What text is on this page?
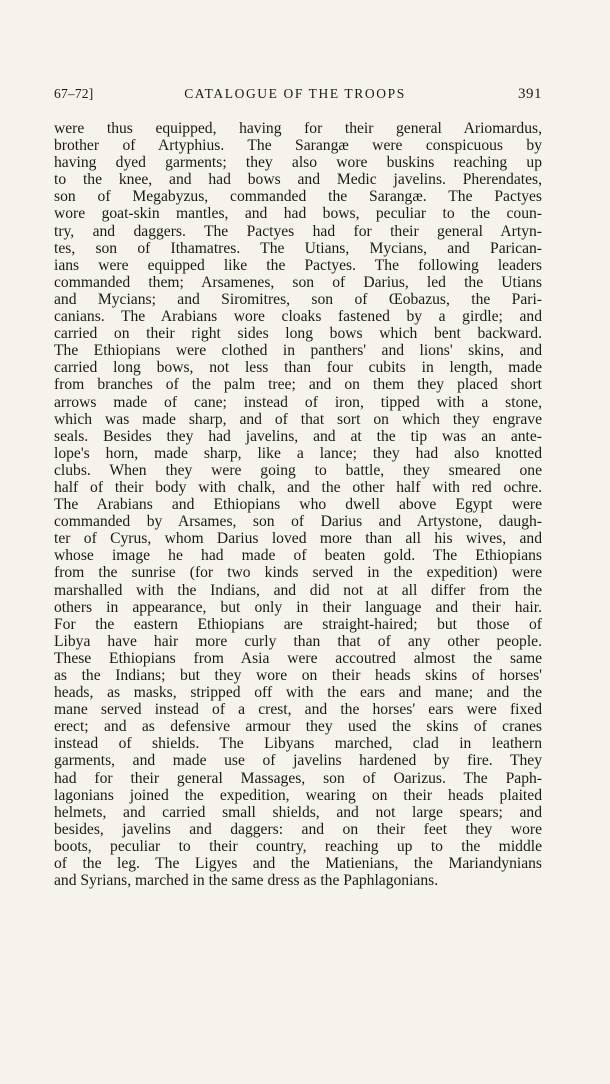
67–72]	CATALOGUE OF THE TROOPS	391
were thus equipped, having for their general Ariomardus,
brother of Artyphius. The Sarangæ were conspicuous by
having dyed garments; they also wore buskins reaching up
to the knee, and had bows and Medic javelins. Pherendates,
son of Megabyzus, commanded the Sarangæ. The Pactyes
wore goat-skin mantles, and had bows, peculiar to the coun-
try, and daggers. The Pactyes had for their general Artyn-
tes, son of Ithamatres. The Utians, Mycians, and Parican-
ians were equipped like the Pactyes. The following leaders
commanded them; Arsamenes, son of Darius, led the Utians
and Mycians; and Siromitres, son of Œobazus, the Pari-
canians. The Arabians wore cloaks fastened by a girdle; and
carried on their right sides long bows which bent backward.
The Ethiopians were clothed in panthers' and lions' skins, and
carried long bows, not less than four cubits in length, made
from branches of the palm tree; and on them they placed short
arrows made of cane; instead of iron, tipped with a stone,
which was made sharp, and of that sort on which they engrave
seals. Besides they had javelins, and at the tip was an ante-
lope's horn, made sharp, like a lance; they had also knotted
clubs. When they were going to battle, they smeared one
half of their body with chalk, and the other half with red ochre.
The Arabians and Ethiopians who dwell above Egypt were
commanded by Arsames, son of Darius and Artystone, daugh-
ter of Cyrus, whom Darius loved more than all his wives, and
whose image he had made of beaten gold. The Ethiopians
from the sunrise (for two kinds served in the expedition) were
marshalled with the Indians, and did not at all differ from the
others in appearance, but only in their language and their hair.
For the eastern Ethiopians are straight-haired; but those of
Libya have hair more curly than that of any other people.
These Ethiopians from Asia were accoutred almost the same
as the Indians; but they wore on their heads skins of horses'
heads, as masks, stripped off with the ears and mane; and the
mane served instead of a crest, and the horses' ears were fixed
erect; and as defensive armour they used the skins of cranes
instead of shields. The Libyans marched, clad in leathern
garments, and made use of javelins hardened by fire. They
had for their general Massages, son of Oarizus. The Paph-
lagonians joined the expedition, wearing on their heads plaited
helmets, and carried small shields, and not large spears; and
besides, javelins and daggers: and on their feet they wore
boots, peculiar to their country, reaching up to the middle
of the leg. The Ligyes and the Matienians, the Mariandynians
and Syrians, marched in the same dress as the Paphlagonians.
